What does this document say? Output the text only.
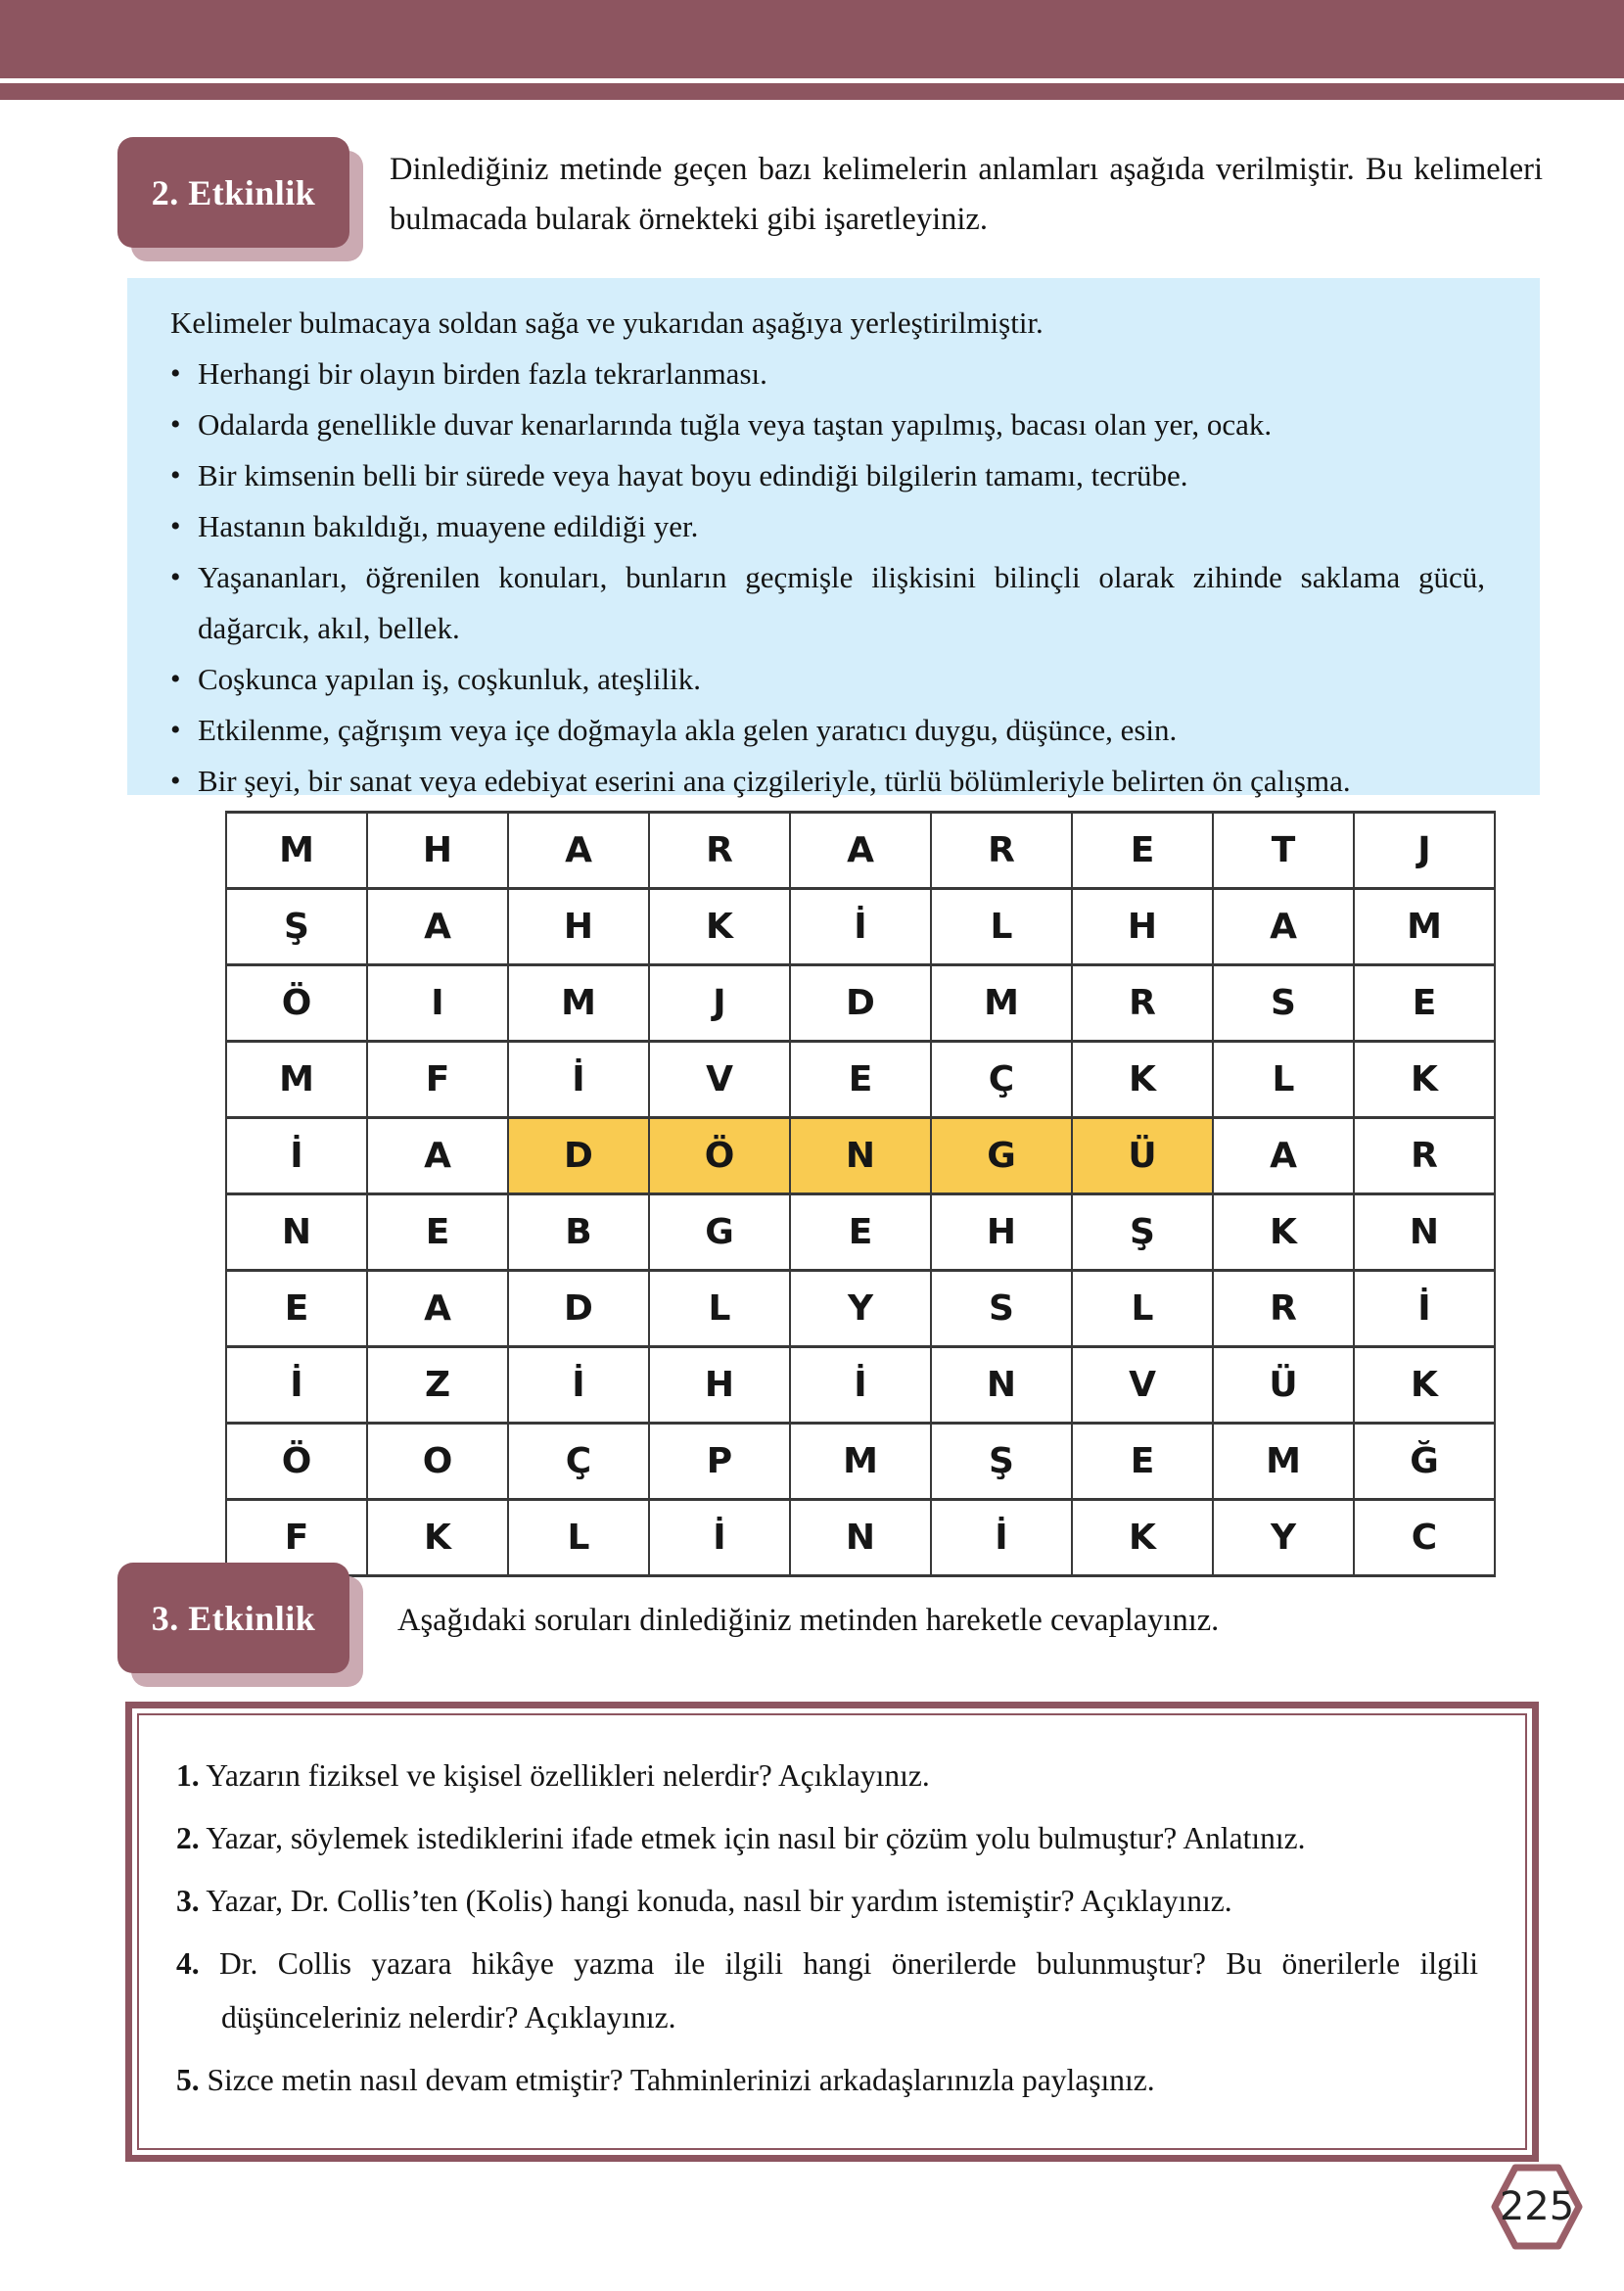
2. Etkinlik
Dinlediğiniz metinde geçen bazı kelimelerin anlamları aşağıda verilmiştir. Bu kelimeleri bulmacada bularak örnekteki gibi işaretleyiniz.

Kelimeler bulmacaya soldan sağa ve yukarıdan aşağıya yerleştirilmiştir.

• Herhangi bir olayın birden fazla tekrarlanması.
• Odalarda genellikle duvar kenarlarında tuğla veya taştan yapılmış, bacası olan yer, ocak.
• Bir kimsenin belli bir sürede veya hayat boyu edindiği bilgilerin tamamı, tecrübe.
• Hastanın bakıldığı, muayene edildiği yer.
• Yaşananları, öğrenilen konuları, bunların geçmişle ilişkisini bilinçli olarak zihinde saklama gücü, dağarcık, akıl, bellek.
• Coşkunca yapılan iş, coşkunluk, ateşlilik.
• Etkilenme, çağrışım veya içe doğmayla akla gelen yaratıcı duygu, düşünce, esin.
• Bir şeyi, bir sanat veya edebiyat eserini ana çizgileriyle, türlü bölümleriyle belirten ön çalışma.
M	H	A	R	A	R	E	T	J
Ş	A	H	K	İ	L	H	A	M
Ö	I	M	J	D	M	R	S	E
M	F	İ	V	E	Ç	K	L	K
İ	A	D	Ö	N	G	Ü	A	R
N	E	B	G	E	H	Ş	K	N
E	A	D	L	Y	S	L	R	İ
İ	Z	İ	H	İ	N	V	Ü	K
Ö	O	Ç	P	M	Ş	E	M	Ğ
F	K	L	İ	N	İ	K	Y	C
3. Etkinlik	Aşağıdaki soruları dinlediğiniz metinden hareketle cevaplayınız.
1. Yazarın fiziksel ve kişisel özellikleri nelerdir? Açıklayınız.
2. Yazar, söylemek istediklerini ifade etmek için nasıl bir çözüm yolu bulmuştur? Anlatınız.
3. Yazar, Dr. Collis’ten (Kolis) hangi konuda, nasıl bir yardım istemiştir? Açıklayınız.
4. Dr. Collis yazara hikâye yazma ile ilgili hangi önerilerde bulunmuştur? Bu önerilerle ilgili düşünceleriniz nelerdir? Açıklayınız.
5. Sizce metin nasıl devam etmiştir? Tahminlerinizi arkadaşlarınızla paylaşınız.
225
